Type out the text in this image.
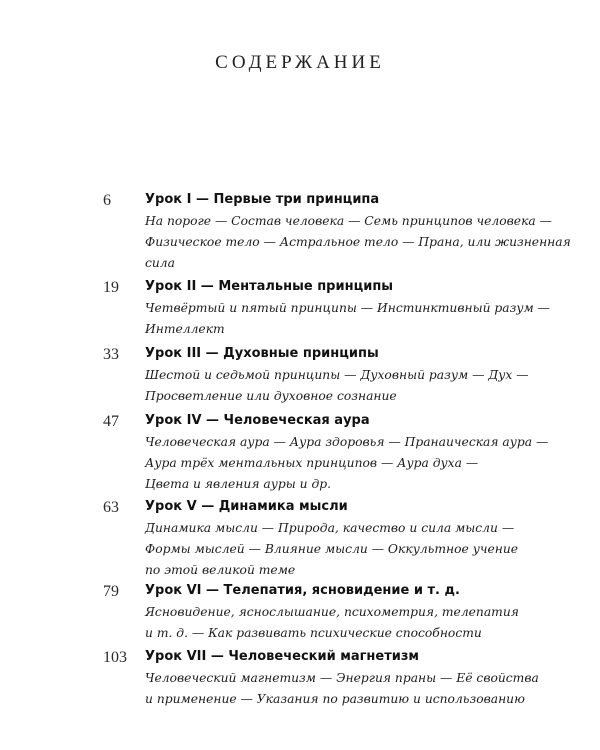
СОДЕРЖАНИЕ
6	Урок I — Первые три принципа
На пороге — Состав человека — Семь принципов человека —
Физическое тело — Астральное тело — Прана, или жизненная
сила
19 Урок II — Ментальные принципы
Четвёртый и пятый принципы — Инстинктивный разум —
Интеллект
33 Урок III — Духовные принципы
Шестой и седьмой принципы — Духовный разум — Дух —
Просветление или духовное сознание
47 Урок IV — Человеческая аура
Человеческая аура — Аура здоровья — Пранаическая аура —
Аура трёх ментальных принципов — Аура духа —
Цвета и явления ауры и др.
63 Урок V — Динамика мысли
Динамика мысли — Природа, качество и сила мысли —
Формы мыслей — Влияние мысли — Оккультное учение
по этой великой теме
79 Урок VI — Телепатия, ясновидение и т. д.
Ясновидение, яснослышание, психометрия, телепатия
и т. д. — Как развивать психические способности
103 Урок VII — Человеческий магнетизм
Человеческий магнетизм — Энергия праны — Её свойства
и применение — Указания по развитию и использованию
